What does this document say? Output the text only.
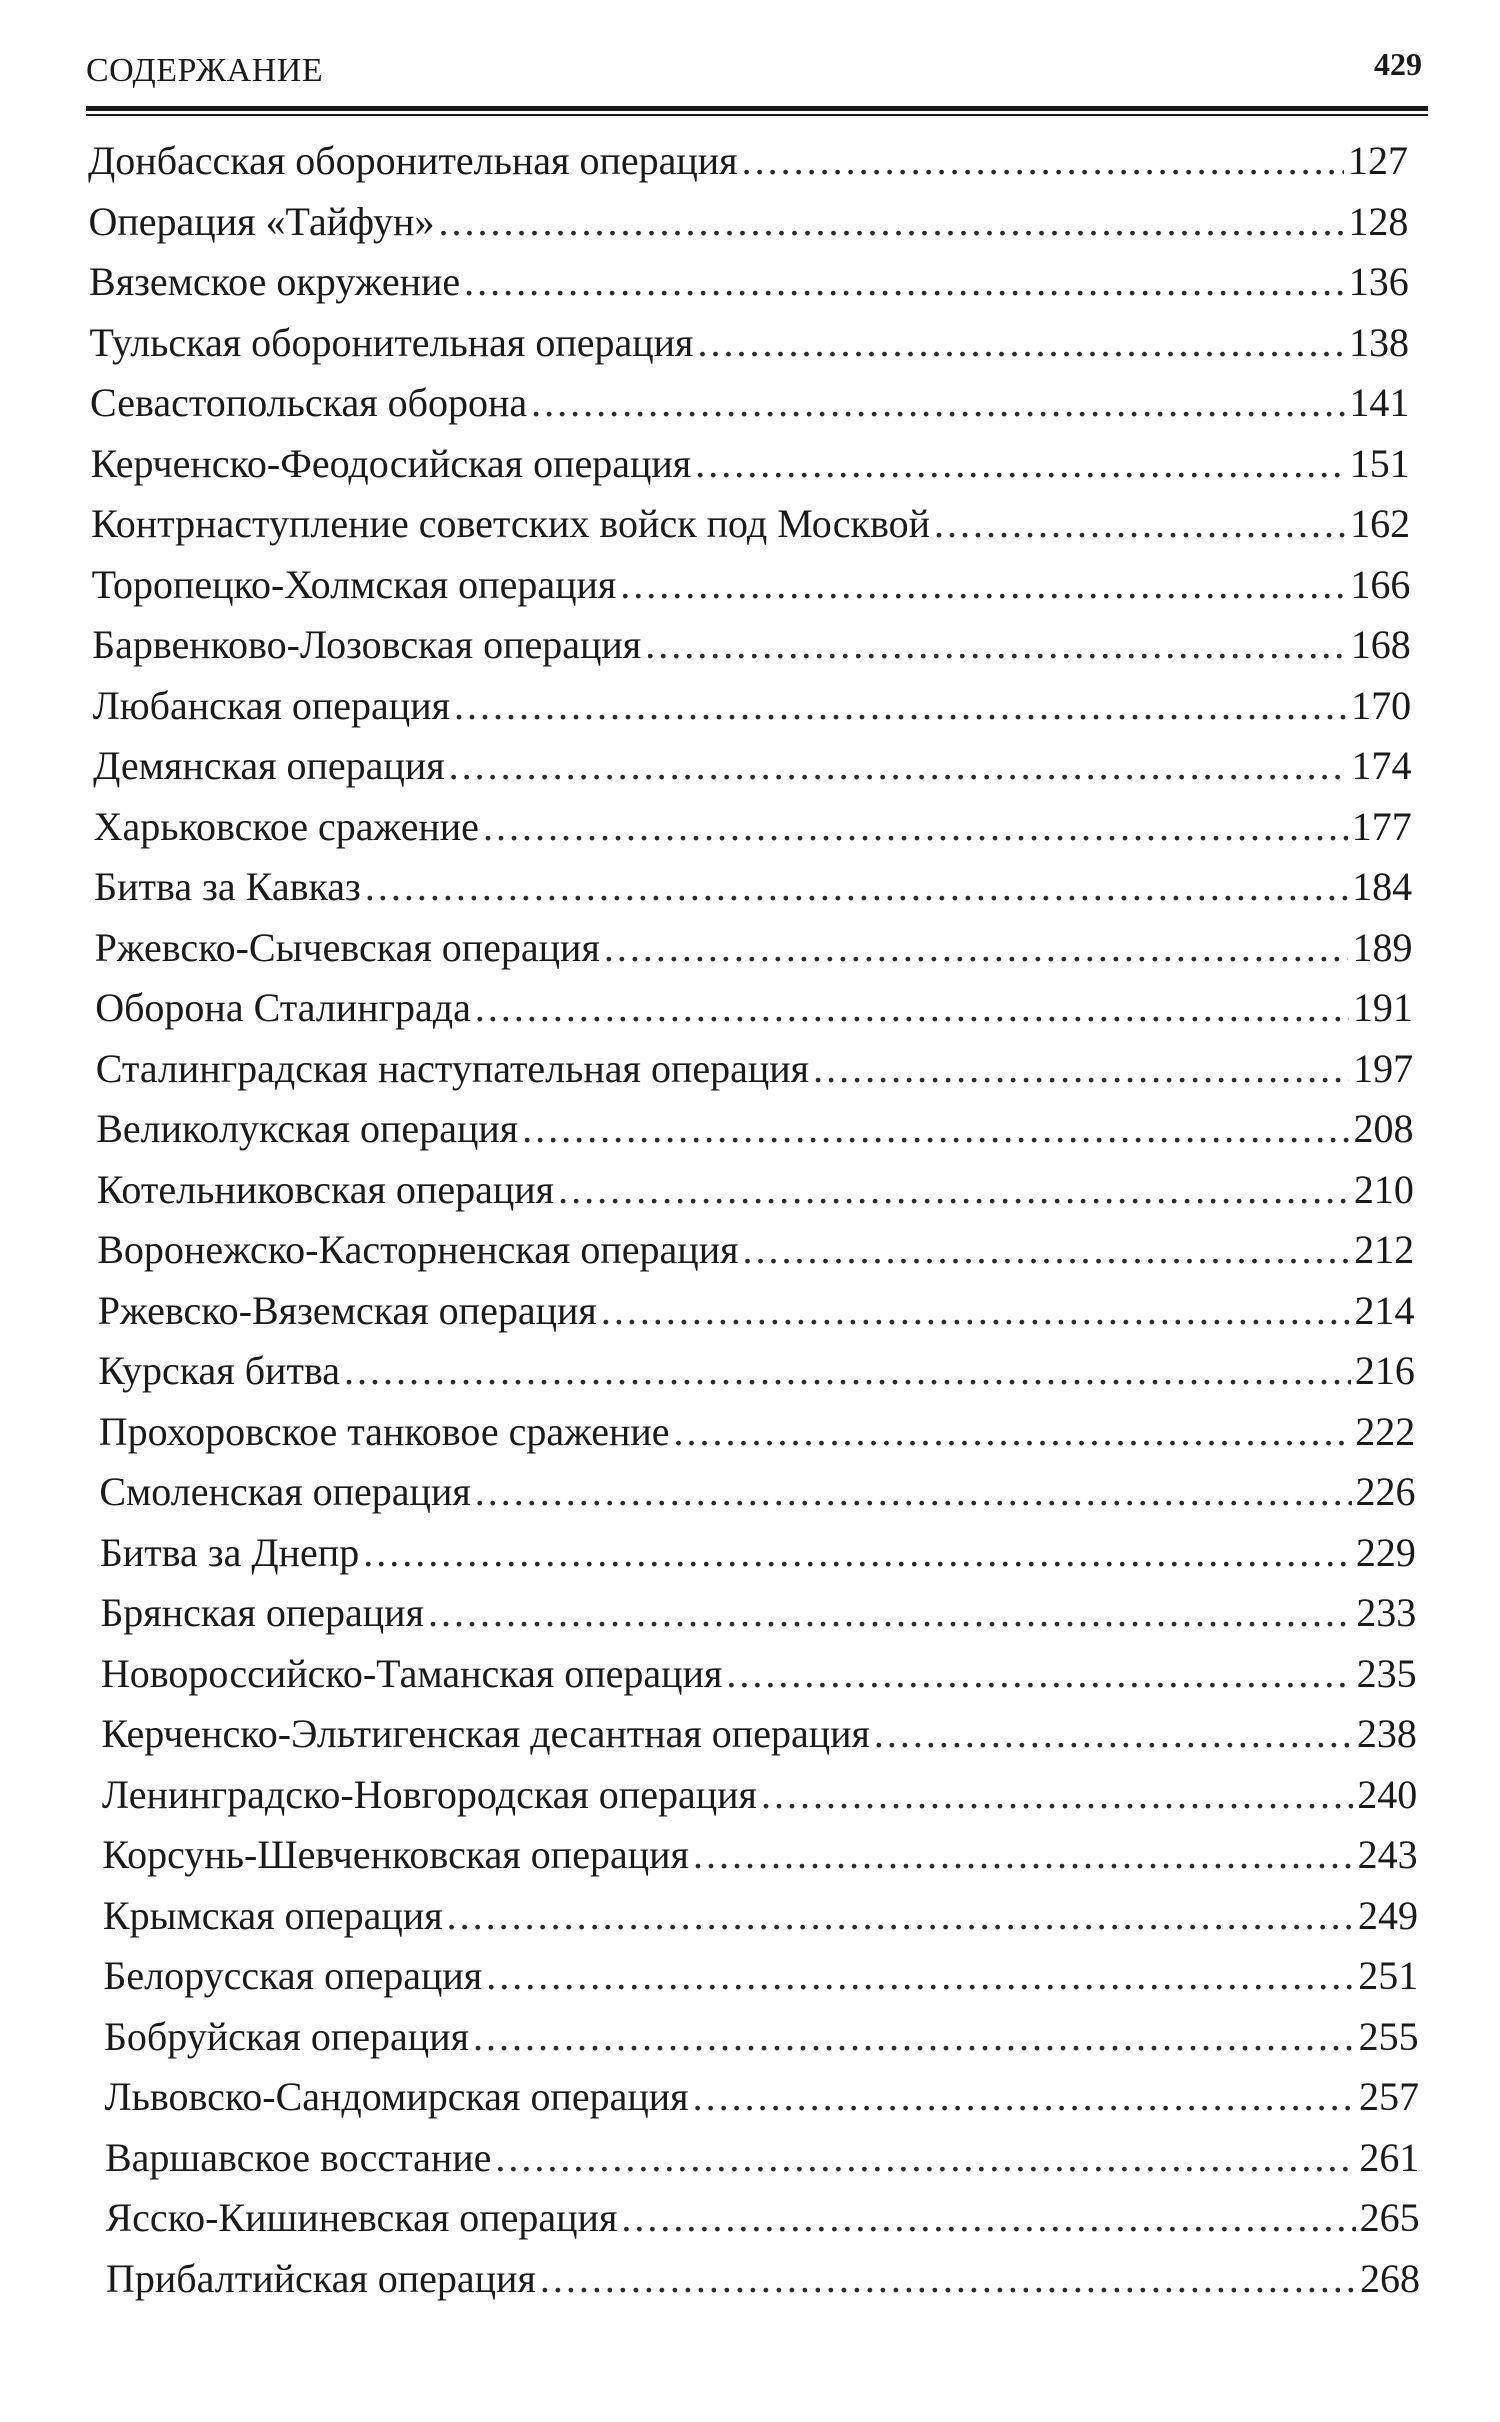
СОДЕРЖАНИЕ	429
Донбасская оборонительная операция .....	127
Операция «Тайфун» .....	128
Вяземское окружение .....	136
Тульская оборонительная операция .....	138
Севастопольская оборона .....	141
Керченско-Феодосийская операция .....	151
Контрнаступление советских войск под Москвой .....	162
Торопецко-Холмская операция .....	166
Барвенково-Лозовская операция .....	168
Любанская операция .....	170
Демянская операция .....	174
Харьковское сражение .....	177
Битва за Кавказ .....	184
Ржевско-Сычевская операция .....	189
Оборона Сталинграда .....	191
Сталинградская наступательная операция .....	197
Великолукская операция .....	208
Котельниковская операция .....	210
Воронежско-Касторненская операция .....	212
Ржевско-Вяземская операция .....	214
Курская битва .....	216
Прохоровское танковое сражение .....	222
Смоленская операция .....	226
Битва за Днепр .....	229
Брянская операция .....	233
Новороссийско-Таманская операция .....	235
Керченско-Эльтигенская десантная операция .....	238
Ленинградско-Новгородская операция .....	240
Корсунь-Шевченковская операция .....	243
Крымская операция .....	249
Белорусская операция .....	251
Бобруйская операция .....	255
Львовско-Сандомирская операция .....	257
Варшавское восстание .....	261
Ясско-Кишиневская операция .....	265
Прибалтийская операция .....	268
